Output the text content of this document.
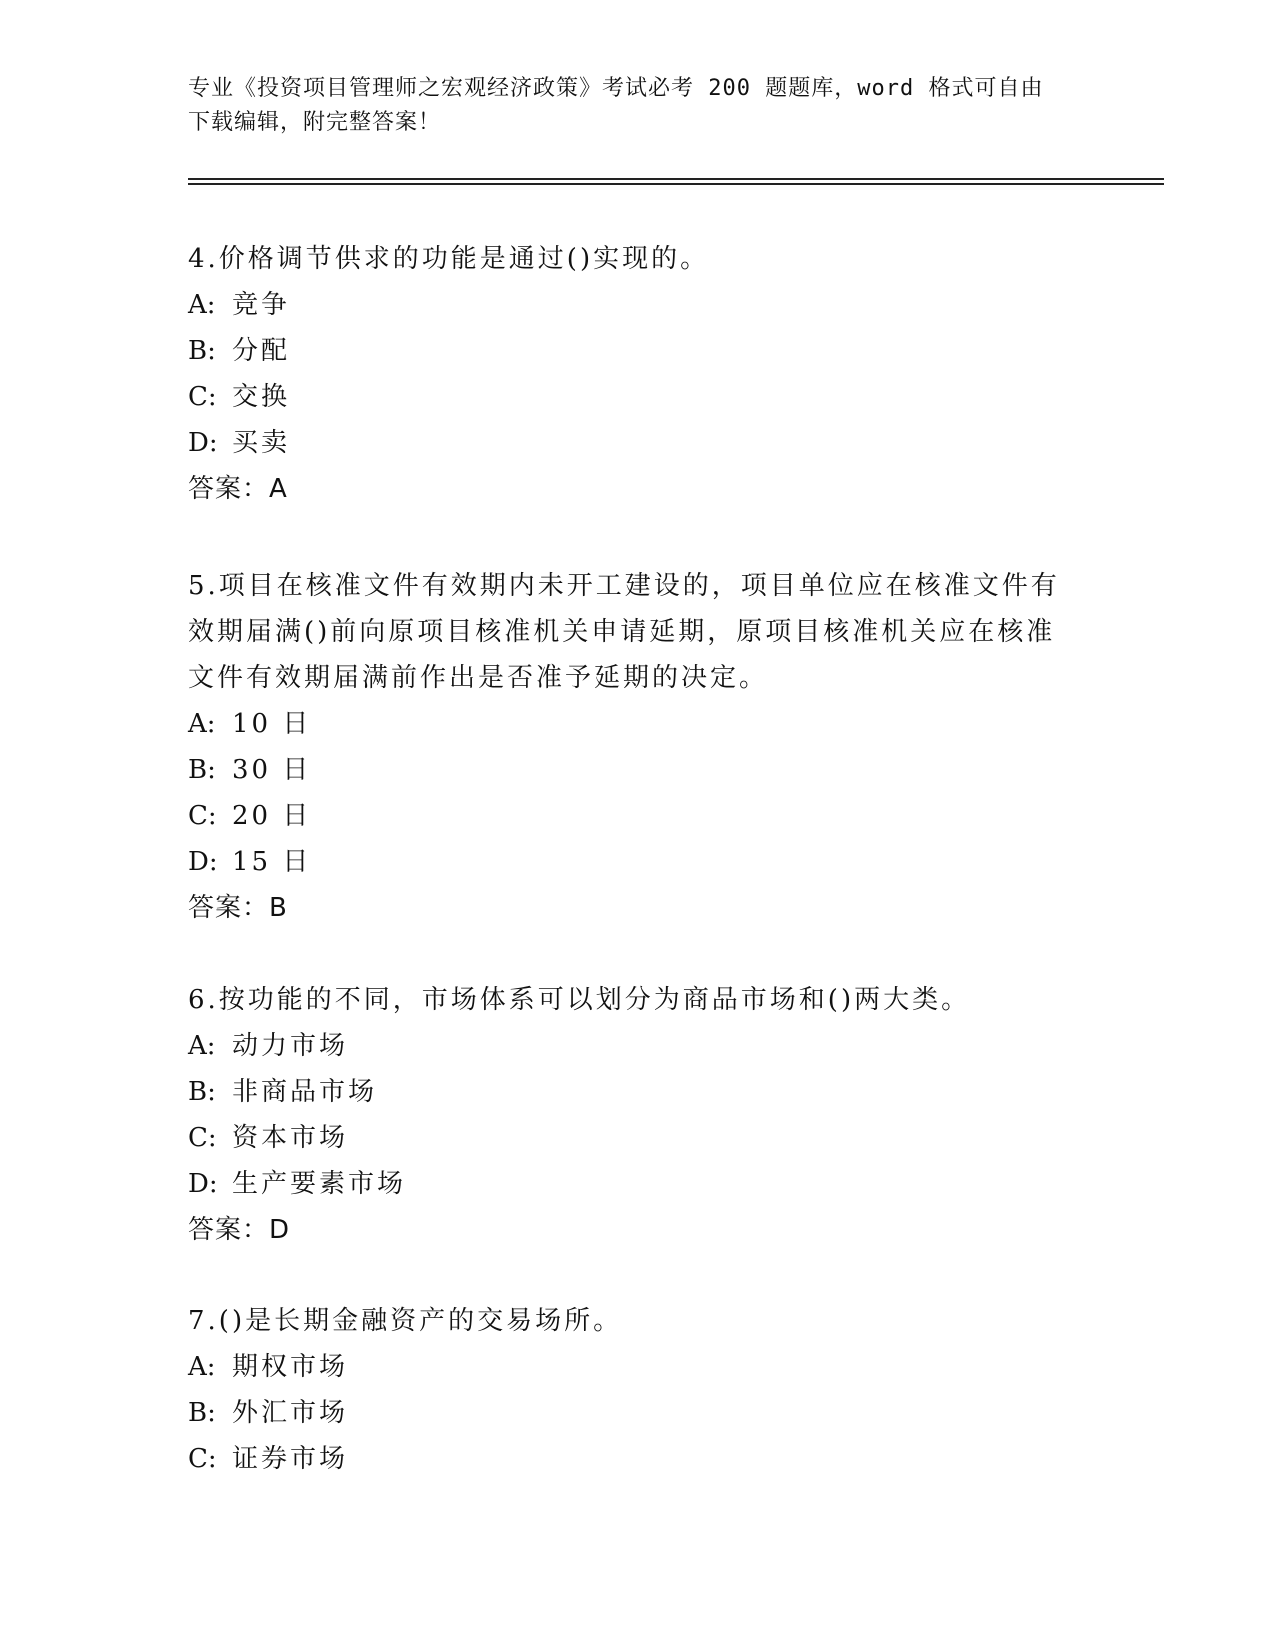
专业《投资项目管理师之宏观经济政策》考试必考 200 题题库，word 格式可自由
下载编辑，附完整答案！
4.价格调节供求的功能是通过()实现的。
A: 竞争
B: 分配
C: 交换
D: 买卖
答案：A
5.项目在核准文件有效期内未开工建设的，项目单位应在核准文件有
效期届满()前向原项目核准机关申请延期，原项目核准机关应在核准
文件有效期届满前作出是否准予延期的决定。
A: 10 日
B: 30 日
C: 20 日
D: 15 日
答案：B
6.按功能的不同，市场体系可以划分为商品市场和()两大类。
A: 动力市场
B: 非商品市场
C: 资本市场
D: 生产要素市场
答案：D
7.()是长期金融资产的交易场所。
A: 期权市场
B: 外汇市场
C: 证券市场
